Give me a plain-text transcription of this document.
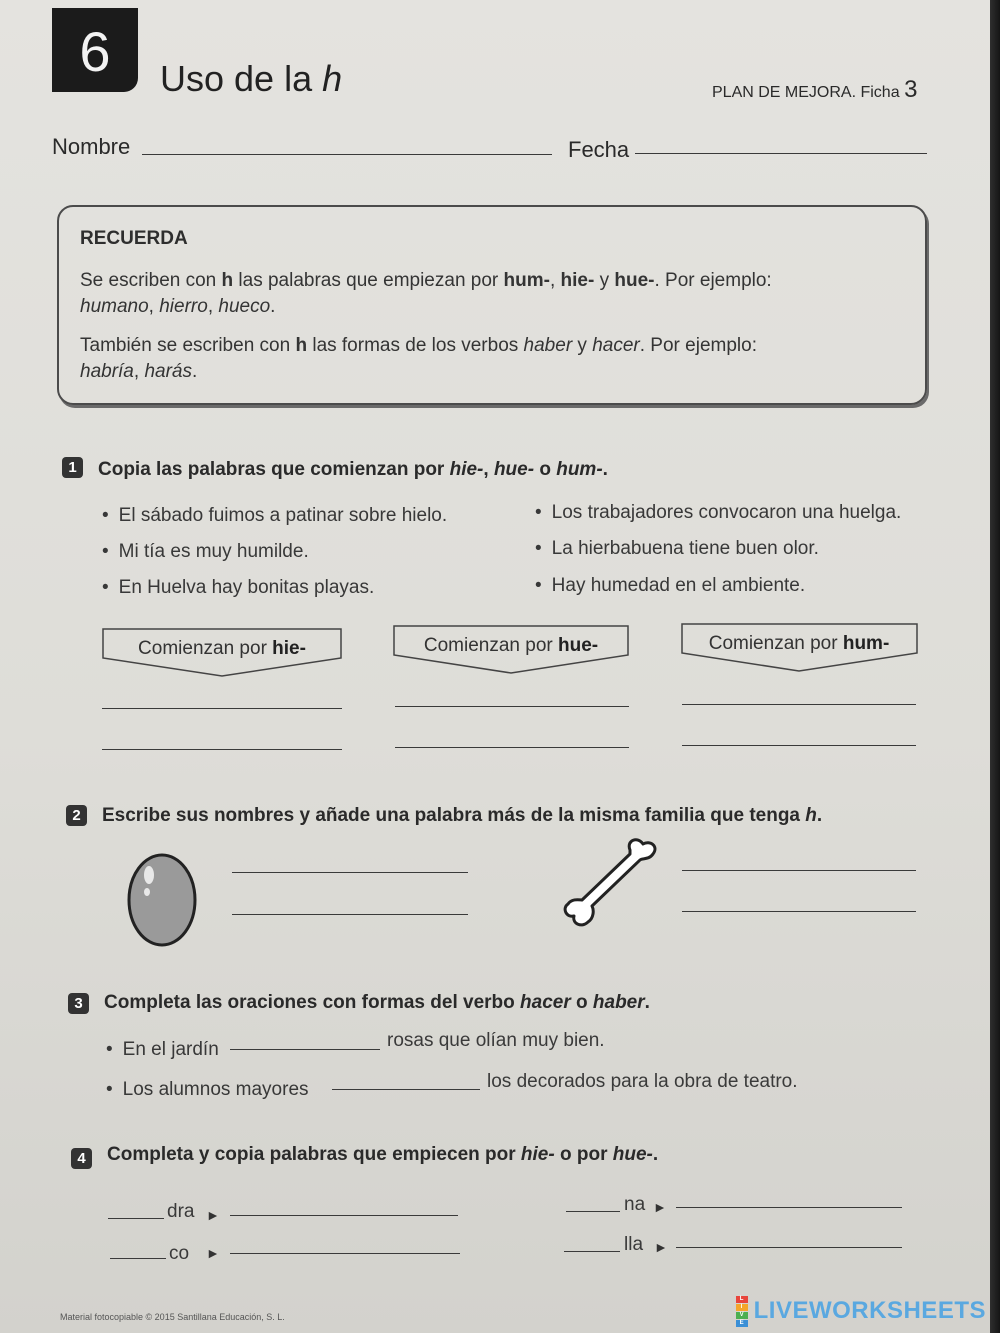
6	Uso de la h	PLAN DE MEJORA. Ficha 3
Nombre	Fecha
RECUERDA
Se escriben con h las palabras que empiezan por hum-, hie- y hue-. Por ejemplo:
humano, hierro, hueco.
También se escriben con h las formas de los verbos haber y hacer. Por ejemplo:
habría, harás.
1	Copia las palabras que comienzan por hie-, hue- o hum-.
• El sábado fuimos a patinar sobre hielo.
• Mi tía es muy humilde.
• En Huelva hay bonitas playas.
• Los trabajadores convocaron una huelga.
• La hierbabuena tiene buen olor.
• Hay humedad en el ambiente.
Comienzan por hie-	Comienzan por hue-	Comienzan por hum-
2	Escribe sus nombres y añade una palabra más de la misma familia que tenga h.
3	Completa las oraciones con formas del verbo hacer o haber.
• En el jardín	rosas que olían muy bien.
• Los alumnos mayores	los decorados para la obra de teatro.
4	Completa y copia palabras que empiecen por hie- o por hue-.
dra ►	na ►
co ►	lla ►
Material fotocopiable © 2015 Santillana Educación, S. L.
L
I
V
E LIVEWORKSHEETS
